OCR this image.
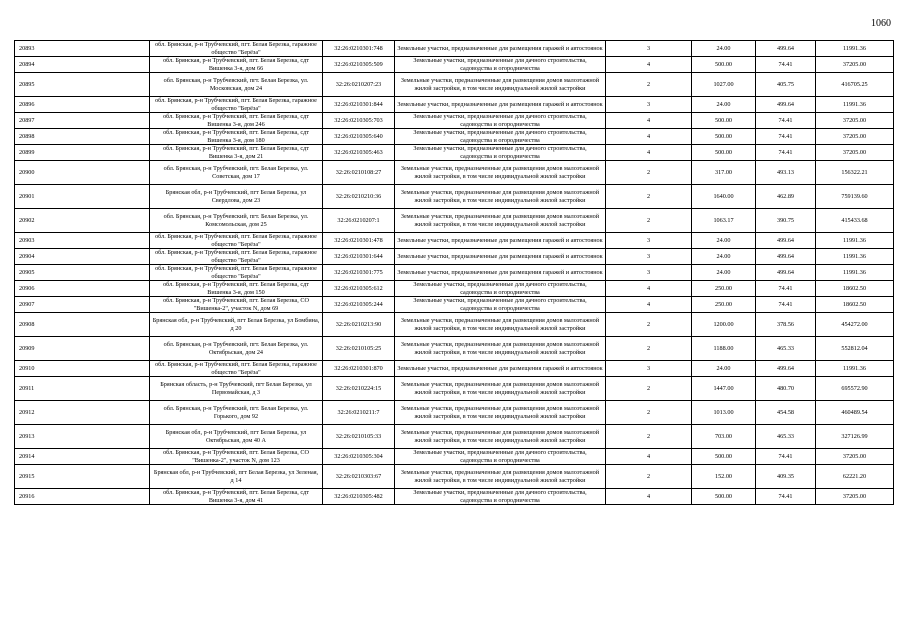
1060
20893	обл. Брянская, р-н Трубчевский, пгт. Белая Березка, гаражное общество "Берёза"	32:26:0210301:748	Земельные участки, предназначенные для размещения гаражей и автостоянок	3	24.00	499.64	11991.36
20894	обл. Брянская, р-н Трубчевский, пгт. Белая Березка, сдт Вишенка 3-я, дом 66	32:26:0210305:509	Земельные участки, предназначенные для дачного строительства, садоводства и огородничества	4	500.00	74.41	37205.00
20895	обл. Брянская, р-н Трубчевский, пгт. Белая Березка, ул. Московская, дом 24	32:26:0210207:23	Земельные участки, предназначенные для размещения домов малоэтажной жилой застройки, в том числе индивидуальной жилой застройки	2	1027.00	405.75	416705.25
20896	обл. Брянская, р-н Трубчевский, пгт. Белая Березка, гаражное общество "Берёза"	32:26:0210301:844	Земельные участки, предназначенные для размещения гаражей и автостоянок	3	24.00	499.64	11991.36
20897	обл. Брянская, р-н Трубчевский, пгт. Белая Березка, сдт Вишенка 3-я, дом 246	32:26:0210305:703	Земельные участки, предназначенные для дачного строительства, садоводства и огородничества	4	500.00	74.41	37205.00
20898	обл. Брянская, р-н Трубчевский, пгт. Белая Березка, сдт Вишенка 3-я, дом 180	32:26:0210305:640	Земельные участки, предназначенные для дачного строительства, садоводства и огородничества	4	500.00	74.41	37205.00
20899	обл. Брянская, р-н Трубчевский, пгт. Белая Березка, сдт Вишенка 3-я, дом 21	32:26:0210305:463	Земельные участки, предназначенные для дачного строительства, садоводства и огородничества	4	500.00	74.41	37205.00
20900	обл. Брянская, р-н Трубчевский, пгт. Белая Березка, ул. Советская, дом 17	32:26:0210108:27	Земельные участки, предназначенные для размещения домов малоэтажной жилой застройки, в том числе индивидуальной жилой застройки	2	317.00	493.13	156322.21
20901	Брянская обл, р-н Трубчевский, пгт Белая Березка, ул Свердлова, дом 23	32:26:0210210:36	Земельные участки, предназначенные для размещения домов малоэтажной жилой застройки, в том числе индивидуальной жилой застройки	2	1640.00	462.89	759139.60
20902	обл. Брянская, р-н Трубчевский, пгт. Белая Березка, ул. Комсомольская, дом 25	32:26:0210207:1	Земельные участки, предназначенные для размещения домов малоэтажной жилой застройки, в том числе индивидуальной жилой застройки	2	1063.17	390.75	415433.68
20903	обл. Брянская, р-н Трубчевский, пгт. Белая Березка, гаражное общество "Берёза"	32:26:0210301:478	Земельные участки, предназначенные для размещения гаражей и автостоянок	3	24.00	499.64	11991.36
20904	обл. Брянская, р-н Трубчевский, пгт. Белая Березка, гаражное общество "Берёза"	32:26:0210301:644	Земельные участки, предназначенные для размещения гаражей и автостоянок	3	24.00	499.64	11991.36
20905	обл. Брянская, р-н Трубчевский, пгт. Белая Березка, гаражное общество "Берёза"	32:26:0210301:775	Земельные участки, предназначенные для размещения гаражей и автостоянок	3	24.00	499.64	11991.36
20906	обл. Брянская, р-н Трубчевский, пгт. Белая Березка, сдт Вишенка 3-я, дом 150	32:26:0210305:612	Земельные участки, предназначенные для дачного строительства, садоводства и огородничества	4	250.00	74.41	18602.50
20907	обл. Брянская, р-н Трубчевский, пгт. Белая Березка, СО "Вишенка-2", участок N, дом 69	32:26:0210305:244	Земельные участки, предназначенные для дачного строительства, садоводства и огородничества	4	250.00	74.41	18602.50
20908	Брянская обл, р-н Трубчевский, пгт Белая Березка, ул Бомбина, д 20	32:26:0210213:90	Земельные участки, предназначенные для размещения домов малоэтажной жилой застройки, в том числе индивидуальной жилой застройки	2	1200.00	378.56	454272.00
20909	обл. Брянская, р-н Трубчевский, пгт. Белая Березка, ул. Октябрьская, дом 24	32:26:0210105:25	Земельные участки, предназначенные для размещения домов малоэтажной жилой застройки, в том числе индивидуальной жилой застройки	2	1188.00	465.33	552812.04
20910	обл. Брянская, р-н Трубчевский, пгт. Белая Березка, гаражное общество "Берёза"	32:26:0210301:870	Земельные участки, предназначенные для размещения гаражей и автостоянок	3	24.00	499.64	11991.36
20911	Брянская область, р-н Трубчевский, пгт Белая Березка, ул Первомайская, д 3	32:26:0210224:15	Земельные участки, предназначенные для размещения домов малоэтажной жилой застройки, в том числе индивидуальной жилой застройки	2	1447.00	480.70	695572.90
20912	обл. Брянская, р-н Трубчевский, пгт. Белая Березка, ул. Горького, дом 92	32:26:0210211:7	Земельные участки, предназначенные для размещения домов малоэтажной жилой застройки, в том числе индивидуальной жилой застройки	2	1013.00	454.58	460489.54
20913	Брянская обл, р-н Трубчевский, пгт Белая Березка, ул Октябрьская, дом 40 А	32:26:0210105:33	Земельные участки, предназначенные для размещения домов малоэтажной жилой застройки, в том числе индивидуальной жилой застройки	2	703.00	465.33	327126.99
20914	обл. Брянская, р-н Трубчевский, пгт. Белая Березка, СО "Вишенка-2", участок N, дом 123	32:26:0210305:304	Земельные участки, предназначенные для дачного строительства, садоводства и огородничества	4	500.00	74.41	37205.00
20915	Брянская обл, р-н Трубчевский, пгт Белая Березка, ул Зеленая, д 14	32:26:0210303:67	Земельные участки, предназначенные для размещения домов малоэтажной жилой застройки, в том числе индивидуальной жилой застройки	2	152.00	409.35	62221.20
20916	обл. Брянская, р-н Трубчевский, пгт. Белая Березка, сдт Вишенка 3-я, дом 41	32:26:0210305:482	Земельные участки, предназначенные для дачного строительства, садоводства и огородничества	4	500.00	74.41	37205.00
